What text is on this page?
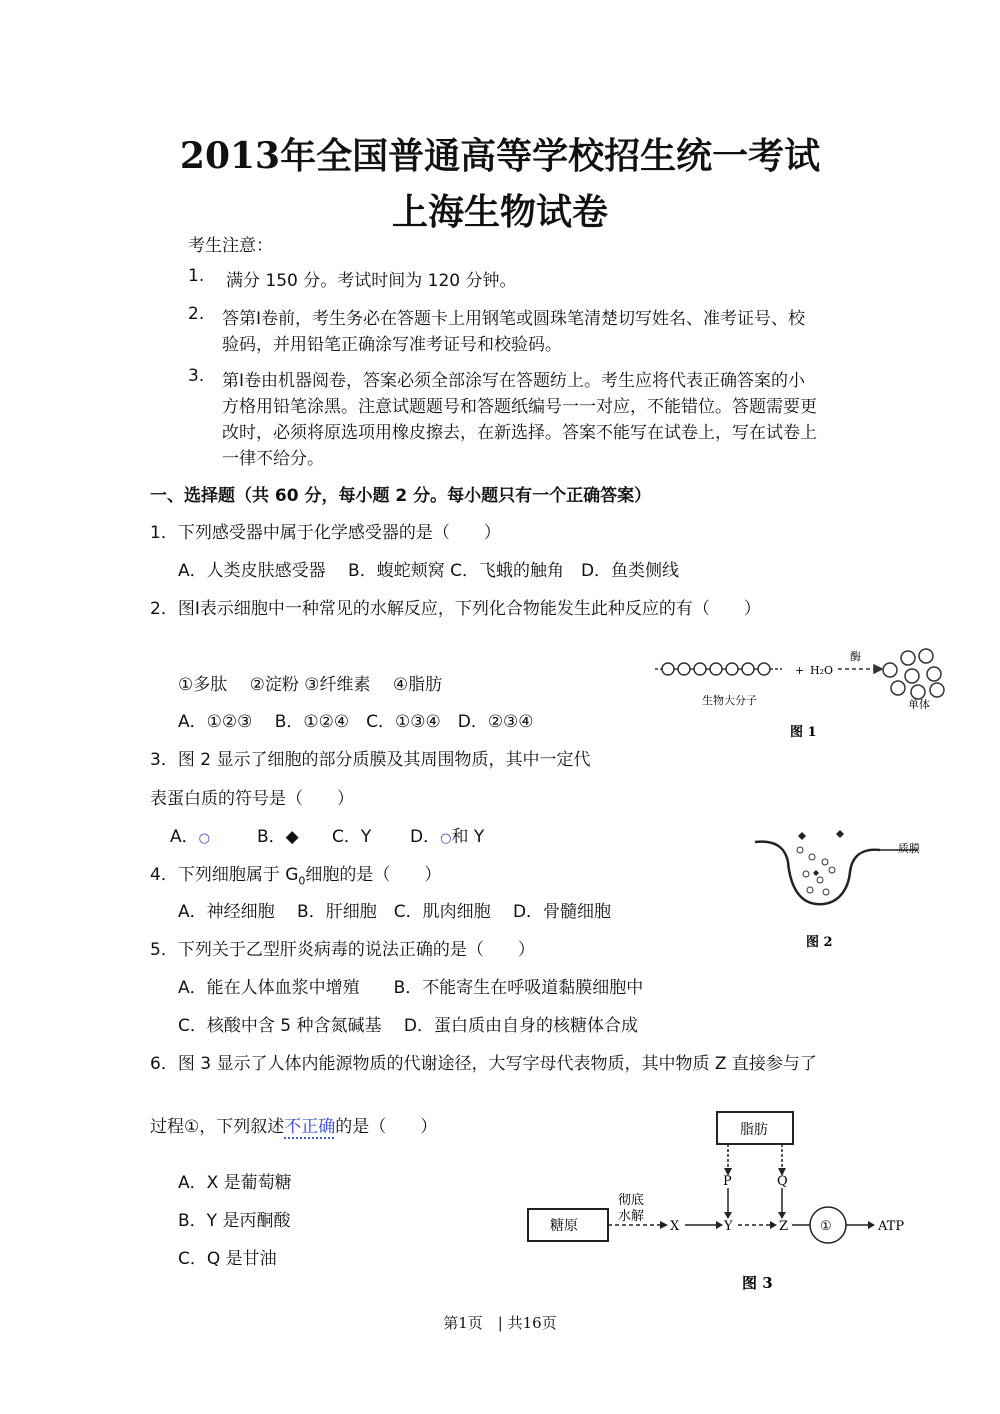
2013年全国普通高等学校招生统一考试
上海生物试卷
考生注意：
1. 满分 150 分。考试时间为 120 分钟。
2. 答第Ⅰ卷前，考生务必在答题卡上用钢笔或圆珠笔清楚切写姓名、准考证号、校
验码，并用铅笔正确涂写准考证号和校验码。
3. 第Ⅰ卷由机器阅卷，答案必须全部涂写在答题纺上。考生应将代表正确答案的小
方格用铅笔涂黑。注意试题题号和答题纸编号一一对应，不能错位。答题需要更
改时，必须将原选项用橡皮擦去，在新选择。答案不能写在试卷上，写在试卷上
一律不给分。
一、选择题（共 60 分，每小题 2 分。每小题只有一个正确答案）
1．下列感受器中属于化学感受器的是（　　）
A．人类皮肤感受器　 B．蝮蛇颊窝 C．飞蛾的触角　D．鱼类侧线
2．图Ⅰ表示细胞中一种常见的水解反应，下列化合物能发生此种反应的有（　　）
①多肽　 ②淀粉 ③纤维素　 ④脂肪
A．①②③　 B．①②④　C．①③④　D．②③④
3．图 2 显示了细胞的部分质膜及其周围物质，其中一定代
表蛋白质的符号是（　　）
A．○	B．◆ C．Y D．○和 Y
4．下列细胞属于 $G_0$细胞的是（　　）
A．神经细胞　 B．肝细胞　C．肌肉细胞　 D．骨髓细胞
5．下列关于乙型肝炎病毒的说法正确的是（　　）
A．能在人体血浆中增殖　　B．不能寄生在呼吸道黏膜细胞中
C．核酸中含 5 种含氮碱基　 D．蛋白质由自身的核糖体合成
6．图 3 显示了人体内能源物质的代谢途径，大写字母代表物质，其中物质 Z 直接参与了
过程①，下列叙述不正确的是（　　）
A．X 是葡萄糖
B．Y 是丙酮酸
C．Q 是甘油
+ H₂O
酶
生物大分子	单体
图 1
质膜
图 2
脂肪
糖原
彻底
水解
X	Y	Z
P	Q
①	ATP
图 3
第1页　| 共16页
